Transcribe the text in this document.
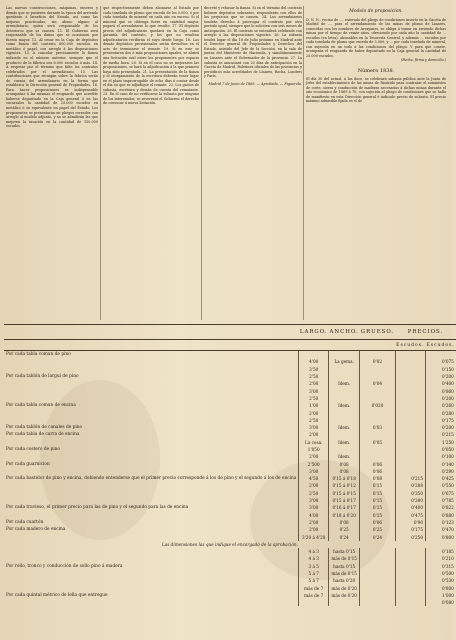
Las nuevas construcciones, máquinas, enseres y demás que se pusieren durante la época del arriendo quedarán á beneficio del Estado, así como las mejoras practicadas, sin abono alguno al arrendatario, quien será responsable de los deterioros que se causen. 11. El Gobierno será responsable de los daños que se ocasionen por fuerza mayor. 12. Al cesar en la Caja de depósitos como fianza del contrato 600.000 escudos en metálico ó papel, con arreglo á las disposiciones vigentes. 13. A cancelar precisamente la fianza indicada en el número anterior, siempre que el producto de la fábrica sea 6.000 escudos ó más. 14. A respetar por el término que falte los contratos celebrados por el arrendatario. 15. Las contribuciones que recaigan sobre la fábrica serán de cuenta del arrendatario en la forma que establezca la Dirección general de Propiedades. 16. Para hacer proposiciones es indispensable acompañar á las mismas el resguardo que acredite haberse depositado en la Caja general ó en las sucursales la cantidad de 25.000 escudos en metálico ó su equivalente en papel del Estado. Los proponentes se presentarán en pliegos cerrados con arreglo al modelo adjunto, y no se admitirán las que mejoren la tasación en la cantidad de 150.000 escudos.
que respectivamente deben abonarse al Estado por cada tonelada de plomo que exceda de los 5.000, ó por cada tonelada de mineral en cada año en exceso. Si el mineral que se obtenga fuere en cantidad mayor, pagará el arrendatario lo que resulte. 17. El depósito previo del adjudicatario quedará en la Caja como garantía del contrato, y los que no resulten adjudicatarios recibirán el suyo desde luego. 18. Los demás depósitos provisionales serán devueltos en el acto de terminarse el remate. 19. Si en este se presentaren dos ó más proposiciones iguales, se abrirá una licitación oral entre los proponentes por espacio de medio hora. 20. Si en el caso no se mejoraren las proposiciones, se hará la adjudicación á la que primero haya sido presentada. 21. La presentación de la fianza y el otorgamiento de la escritura deberán tener lugar en el plazo improrrogable de ocho días á contar desde el día en que se adjudique el remate. 22. Los gastos de subasta, escritura y demás de cuenta del rematante. 23. En el caso de no verificarse la subasta por ninguno de los interesados, se reservará el Gobierno el derecho de convocar á nueva licitación.
decretó y rehusar la fianza. Si en el término del contrato hubiere depósitos sobrantes, responderán con ellos de las perjuicios que se causen. 24. Los arrendatarios tendrán derecho á prorrogar el contrato por otro período igual, siempre que lo soliciten con seis meses de anticipación. 25. El contrato se entenderá celebrado con arreglo á las disposiciones vigentes. 26. La subasta tendrá lugar el día 18 de Julio próximo en Madrid ante el Director general de Propiedades y Derechos del Estado, asistido del Jefe de la Sección, en la sala de juntas del Ministerio de Hacienda, y simultáneamente en Linares ante el Gobernador de la provincia. 27. La subasta se anunciará con 20 días de anticipación en la Gaceta de Madrid, Boletines oficiales de las provincias y periódicos más acreditados de Linares, Rocha, Londres y París.
Madrid 7 de Junio de 1869. — Aprobado. — Figuerola.
Modelo de proposicion.
D. N. N., vecino de ..., enterado del pliego de condiciones inserto en la Gaceta de Madrid de ..., para el arrendamiento de las minas de plomo de Linares, conocidas con los nombres de Arrayanes, se obliga á tomar en arriendo dichas minas por el tiempo de veinte años, ofreciendo por cada año la cantidad de ... escudos (en letra), abonables en la Tesorería Central, y además ... escudos por cada tonelada de plomo que exceda de 5.000, y ... por cada tonelada de mineral, con sujeción en un todo á las condiciones del pliego. Y para que conste, acompaña el resguardo de haber depositado en la Caja general la cantidad de 25.000 escudos.
(Fecha, firma y domicilio.)
Número 1838.
El día 30 del actual, á las doce, se celebrará subasta pública ante la Junta de Jefes del establecimiento de las minas de Rioárido para contratar el suministro de corte, sierra y conducción de maderas necesarias á dichas minas durante el año económico de 1869 á 70, con sujeción al pliego de condiciones que se halla de manifiesto en esta Dirección general é indicado precio de subasta. El precio máximo admisible fijado es el de
	LARGO.	ANCHO.	GRUESO.	PRECIOS.	
				Escudos.	Escudos.
Por cada tabla comun de pino					
	4'00	La gema.	0'02		0'075
	3'50				0'150
Por cada tablón de larguí de pino	2'50				0'200
	2'00	Idem.	0'04		0'400
	3'00				0'860
	2'50				0'200
Por cada tabla comun de encina	1'00	Idem.	0'020		0'260
	2'00				0'280
	2'50				0'175
Por cada tablón de canales de pino	3'00	Idem.	0'03		0'200
Por cada tabla de carra de encina	2'00				0'215
	La cosa.	Idem.	0'05		1'250
Por cada costero de pino	1'050				0'050
	2'00	Idem.			0'100
Por cada guarnicion	2'500	0'08	0'06		0'140
	3'00	0'08	0'06		0'290
Por cada bastidor de pino y encina, debiendo entenderse que el primer precio corresponde á los de pino y el segundo á los de encina	4'50	0'15 á 0'18	0'08	0'215	0'425
	2'00	0'15 á 0'12	0'15	0'288	0'550
	2'50	0'15 á 0'15	0'15	0'350	0'675
	3'00	0'15 á 0'17	0'15	0'380	0'785
Por cada travieso, el primer precio para las de pino y el segundo para las de encina	3'00	0'16 á 0'17	0'15	0'400	0'822
	4'00	0'18 á 0'20	0'15	0'475	0'880
Por cada cuartón	2'00	0'08	0'06	0'90	0'123
Por cada madero de encina	2'00	0'25	0'25	0'175	0'470
	3'20 á 4'20	0'24	0'24	0'250	0'800
Las dimensiones las que indique el encargado de la aprobación.					
	4 á 3	hasta 0'15			0'185
	4 á 3	más de 0'15			0'210
Por rollo, tronco y conducción de sollo pino á madera	3 á 5	hasta 0'15			0'315
	5 á 7	más de 0'15			0'500
	5 á 7	hasta 0'20			0'530
	más de 7	más de 0'20			0'800
Por cada quintal métrico de leña que entregue	más de 7	más de 0'20			1'000
					0'080
